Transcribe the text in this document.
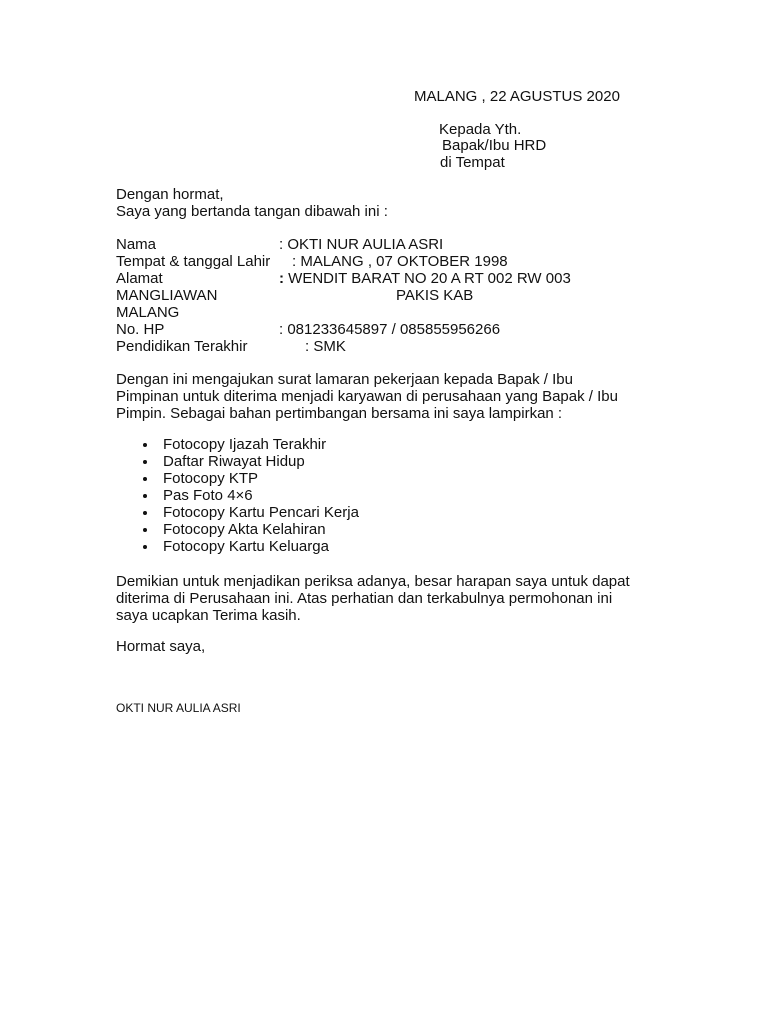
MALANG , 22 AGUSTUS 2020
Kepada Yth.
Bapak/Ibu HRD
di Tempat
Dengan hormat,
Saya yang bertanda tangan dibawah ini :
Nama	: OKTI NUR AULIA ASRI
Tempat & tanggal Lahir : MALANG , 07 OKTOBER 1998
Alamat	: WENDIT BARAT NO 20 A RT 002 RW 003
MANGLIAWAN	PAKIS KAB
MALANG
No. HP	: 081233645897 / 085855956266
Pendidikan Terakhir	: SMK
Dengan ini mengajukan surat lamaran pekerjaan kepada Bapak / Ibu
Pimpinan untuk diterima menjadi karyawan di perusahaan yang Bapak / Ibu
Pimpin. Sebagai bahan pertimbangan bersama ini saya lampirkan :
Fotocopy Ijazah Terakhir
Daftar Riwayat Hidup
Fotocopy KTP
Pas Foto 4×6
Fotocopy Kartu Pencari Kerja
Fotocopy Akta Kelahiran
Fotocopy Kartu Keluarga
Demikian untuk menjadikan periksa adanya, besar harapan saya untuk dapat
diterima di Perusahaan ini. Atas perhatian dan terkabulnya permohonan ini
saya ucapkan Terima kasih.
Hormat saya,
OKTI NUR AULIA ASRI
